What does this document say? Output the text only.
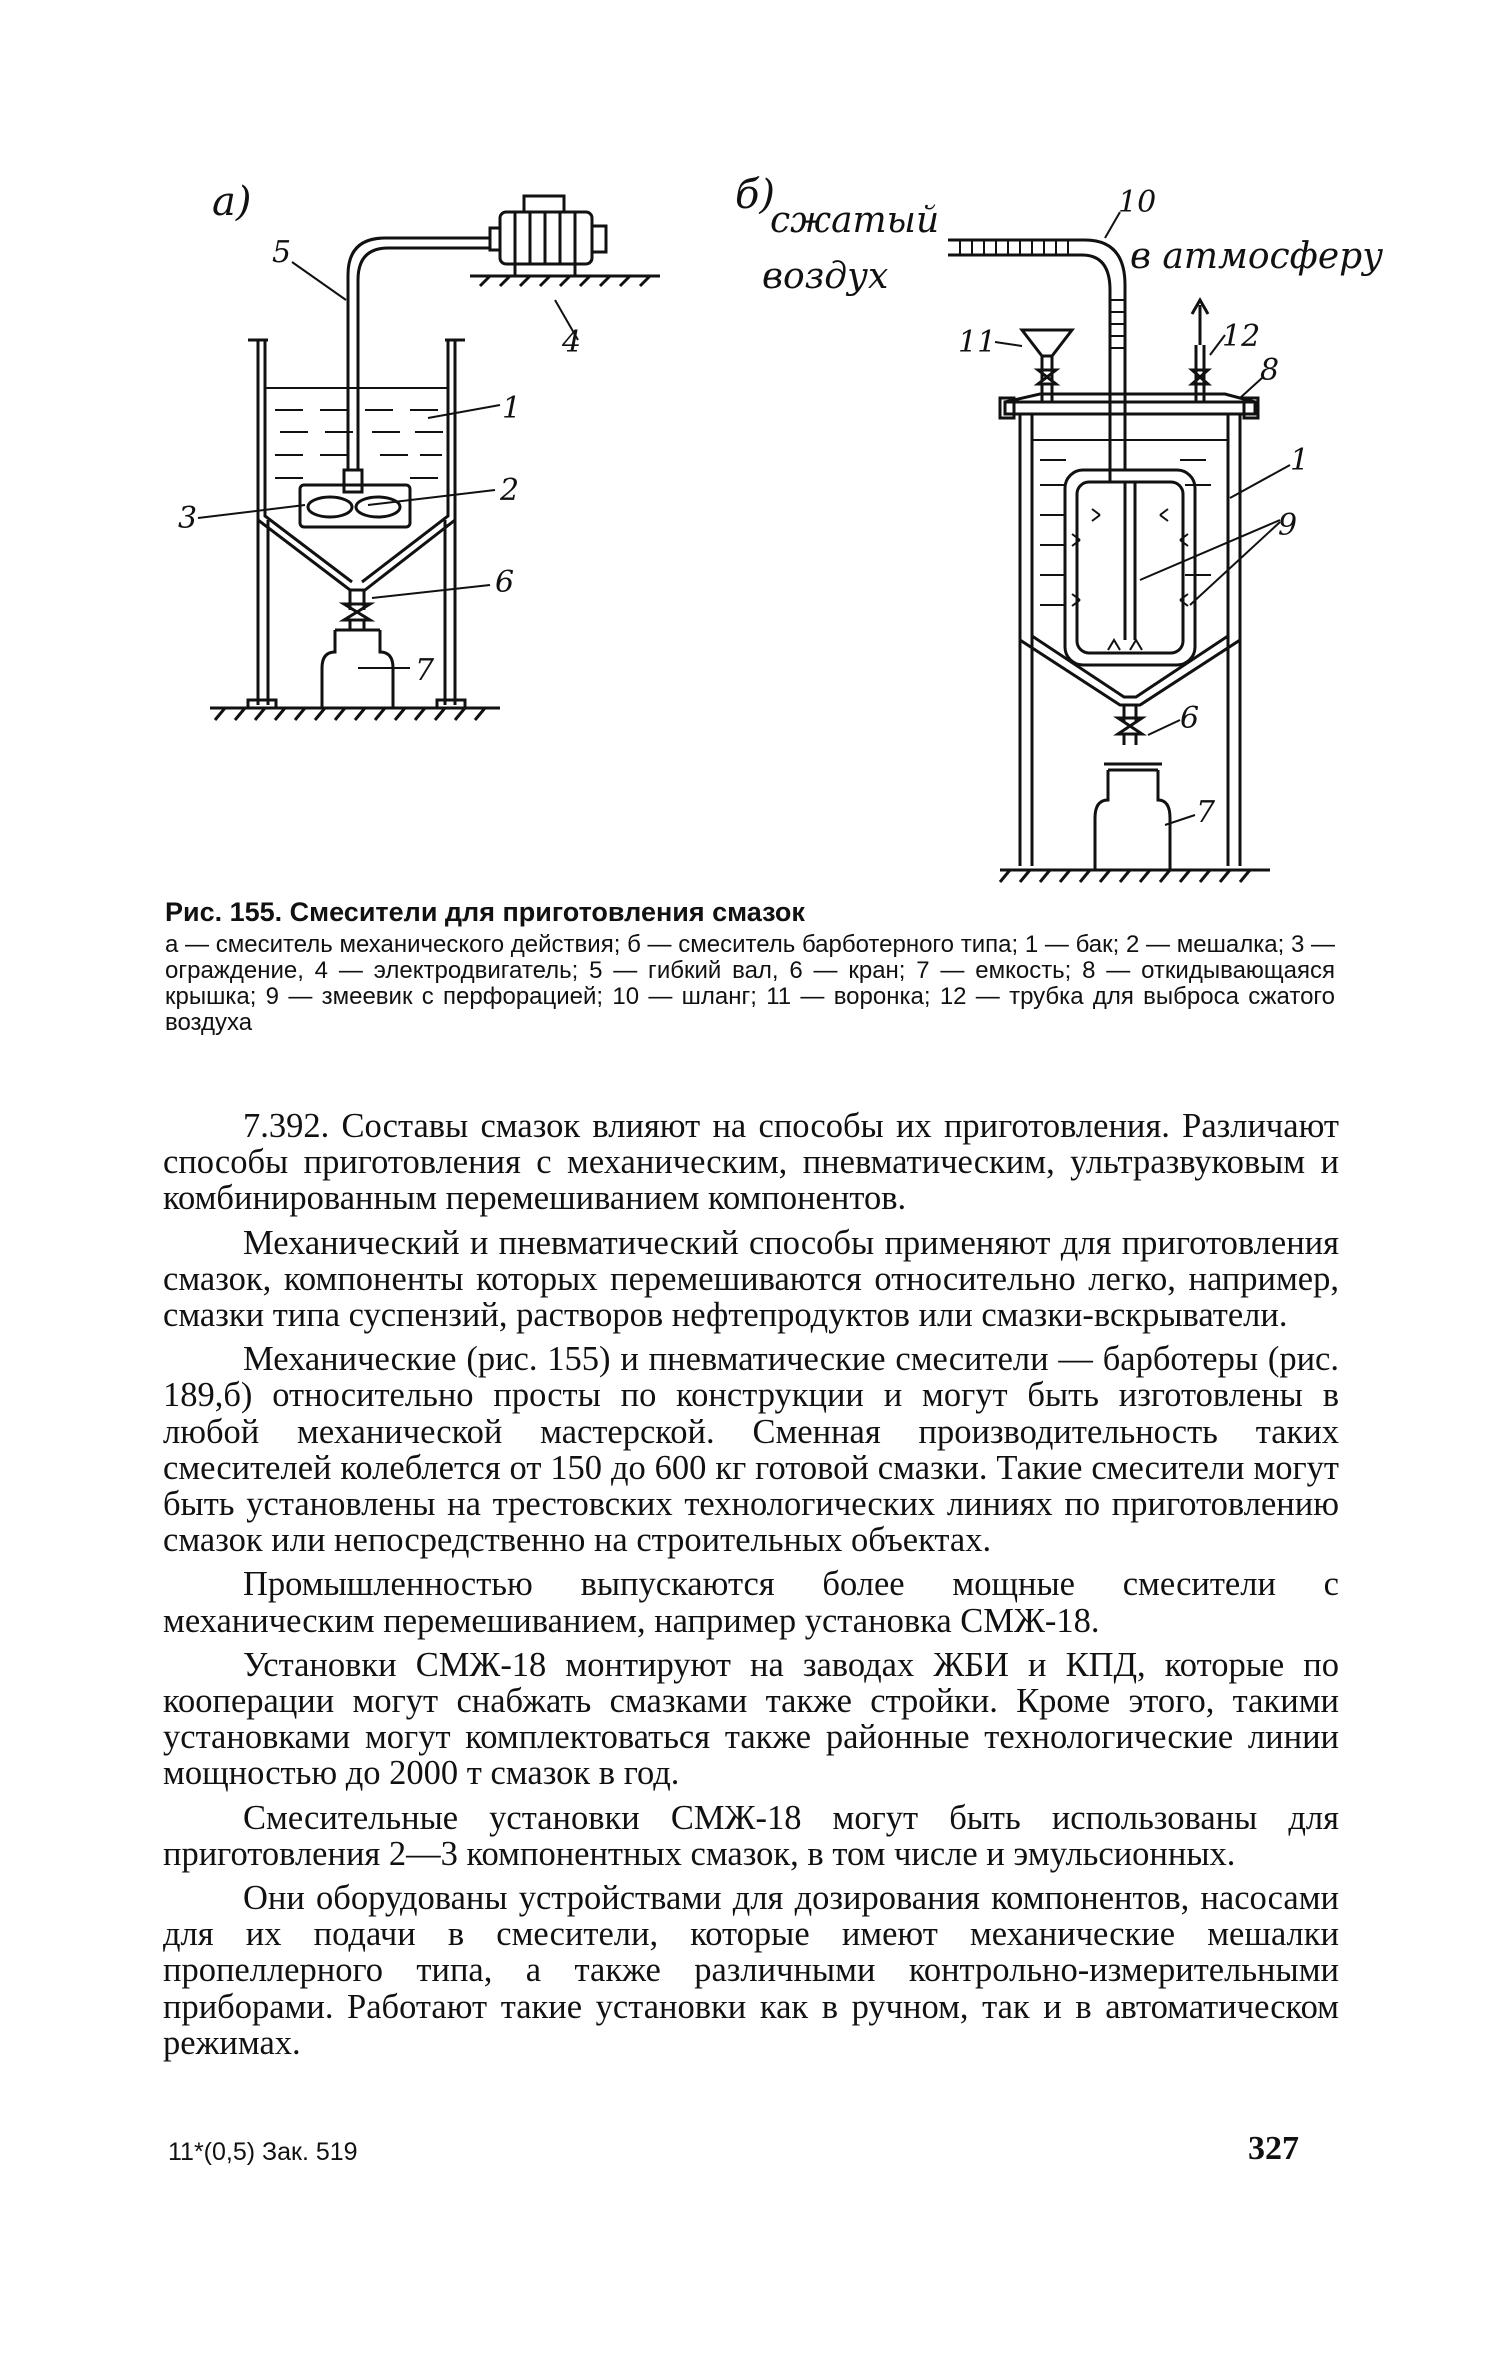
а)
5
4
1
2
3
6
7
б)
сжатый
воздух	в атмосферу
10
11	12
8
1
9
6
7

Рис. 155. Смесители для приготовления смазок

а — смеситель механического действия; б — смеситель барботерного типа; 1 — бак; 2 — мешалка; 3 — ограждение, 4 — электродвигатель; 5 — гибкий вал, 6 — кран; 7 — емкость; 8 — откидывающаяся крышка; 9 — змеевик с перфорацией; 10 — шланг; 11 — воронка; 12 — трубка для выброса сжатого воздуха

7.392. Составы смазок влияют на способы их приготовления. Различают способы приготовления с механическим, пневматическим, ультразвуковым и комбинированным перемешиванием компонентов.

Механический и пневматический способы применяют для приготовления смазок, компоненты которых перемешиваются относительно легко, например, смазки типа суспензий, растворов нефтепродуктов или смазки-вскрыватели.

Механические (рис. 155) и пневматические смесители — барботеры (рис. 189,б) относительно просты по конструкции и могут быть изготовлены в любой механической мастерской. Сменная производительность таких смесителей колеблется от 150 до 600 кг готовой смазки. Такие смесители могут быть установлены на трестовских технологических линиях по приготовлению смазок или непосредственно на строительных объектах.

Промышленностью выпускаются более мощные смесители с механическим перемешиванием, например установка СМЖ-18.

Установки СМЖ-18 монтируют на заводах ЖБИ и КПД, которые по кооперации могут снабжать смазками также стройки. Кроме этого, такими установками могут комплектоваться также районные технологические линии мощностью до 2000 т смазок в год.

Смесительные установки СМЖ-18 могут быть использованы для приготовления 2—3 компонентных смазок, в том числе и эмульсионных.

Они оборудованы устройствами для дозирования компонентов, насосами для их подачи в смесители, которые имеют механические мешалки пропеллерного типа, а также различными контрольно-измерительными приборами. Работают такие установки как в ручном, так и в автоматическом режимах.

11*(0,5) Зак. 519	327
